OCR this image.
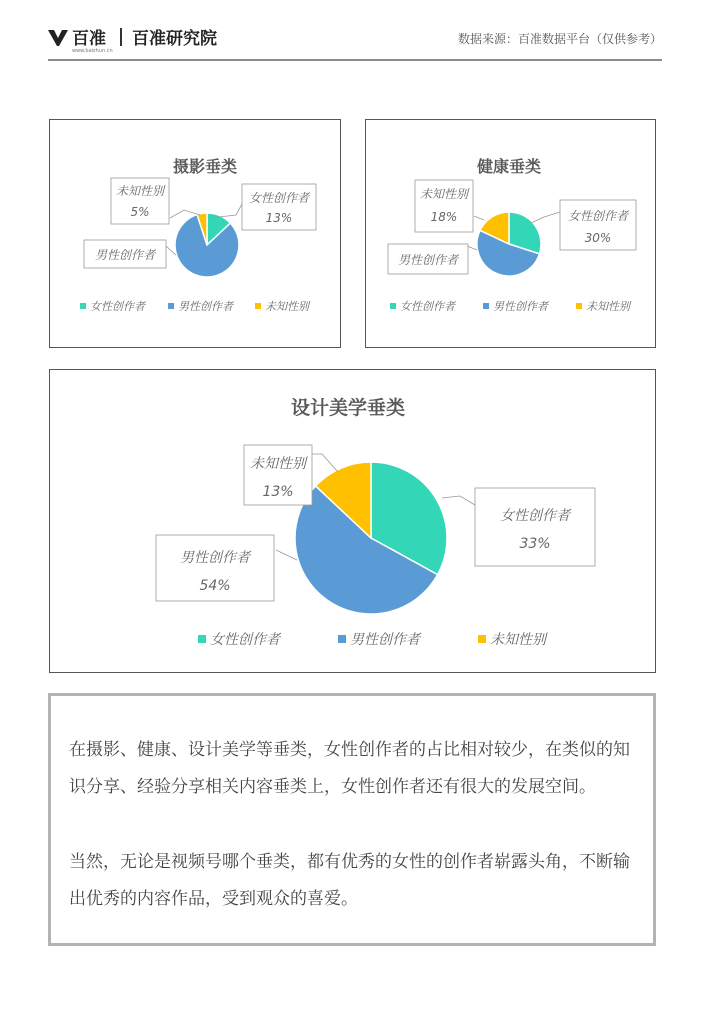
百准
www.baizhun.cn
百准研究院	数据来源：百准数据平台（仅供参考）
摄影垂类
女性创作者
13%
未知性别
5%
男性创作者
女性创作者	男性创作者	未知性别
健康垂类
女性创作者
30%
未知性别
18%
男性创作者
女性创作者	男性创作者	未知性别
设计美学垂类
女性创作者
33%
未知性别
13%
男性创作者
54%
女性创作者	男性创作者	未知性别
在摄影、健康、设计美学等垂类，女性创作者的占比相对较少，在类似的知识分享、经验分享相关内容垂类上，女性创作者还有很大的发展空间。
当然，无论是视频号哪个垂类，都有优秀的女性的创作者崭露头角，不断输出优秀的内容作品，受到观众的喜爱。
